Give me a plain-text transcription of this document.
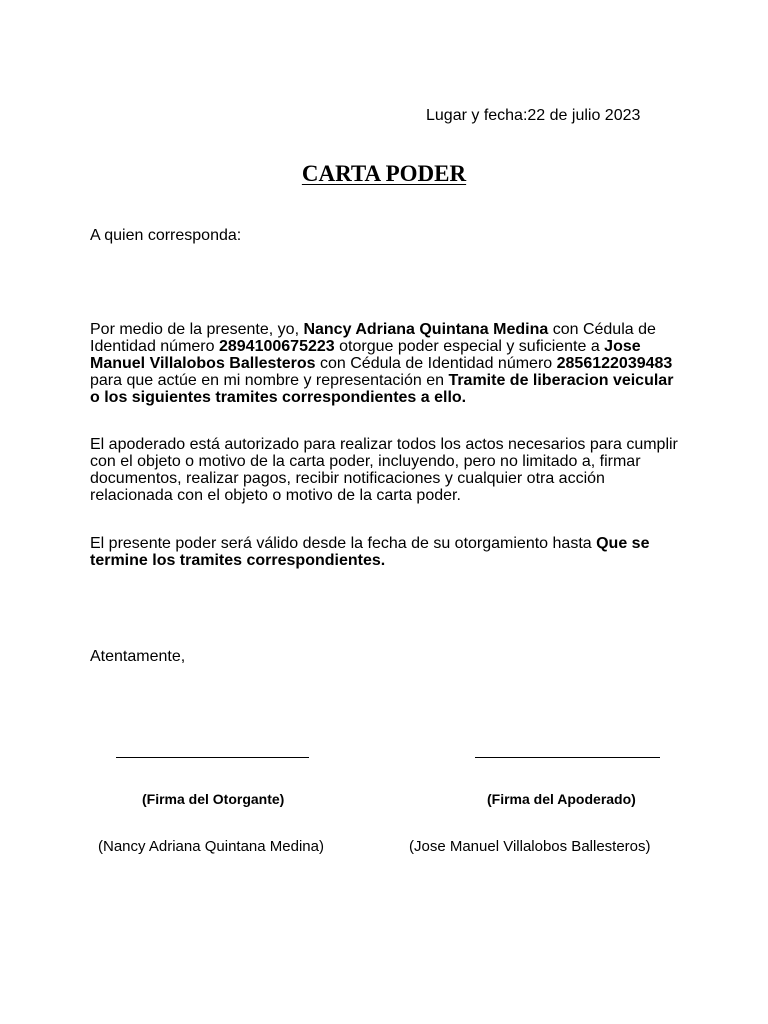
Lugar y fecha:22 de julio 2023
CARTA PODER
A quien corresponda:

Por medio de la presente, yo, Nancy Adriana Quintana Medina con Cédula de Identidad número 2894100675223 otorgue poder especial y suficiente a Jose Manuel Villalobos Ballesteros con Cédula de Identidad número 2856122039483 para que actúe en mi nombre y representación en Tramite de liberacion veicular o los siguientes tramites correspondientes a ello.

El apoderado está autorizado para realizar todos los actos necesarios para cumplir con el objeto o motivo de la carta poder, incluyendo, pero no limitado a, firmar documentos, realizar pagos, recibir notificaciones y cualquier otra acción relacionada con el objeto o motivo de la carta poder.

El presente poder será válido desde la fecha de su otorgamiento hasta Que se termine los tramites correspondientes.

Atentamente,
(Firma del Otorgante)	(Firma del Apoderado)
(Nancy Adriana Quintana Medina)	(Jose Manuel Villalobos Ballesteros)
